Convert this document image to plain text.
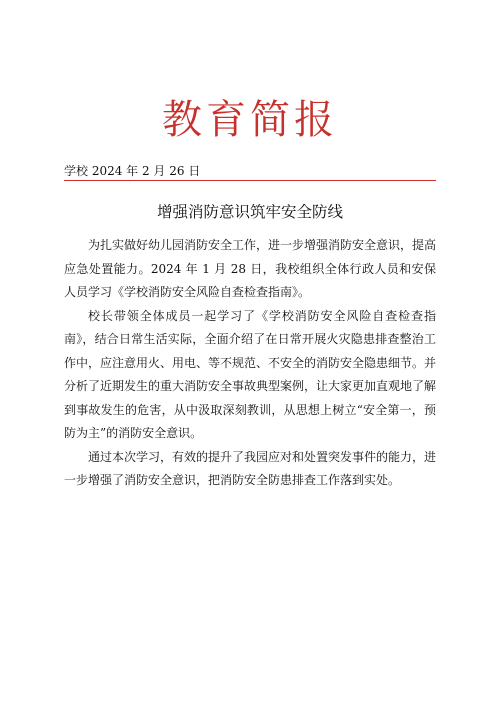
教育简报
学校 2024 年 2 月 26 日
增强消防意识筑牢安全防线

为扎实做好幼儿园消防安全工作，进一步增强消防安全意识，提高应急处置能力。2024 年 1 月 28 日，我校组织全体行政人员和安保人员学习《学校消防安全风险自查检查指南》。

校长带领全体成员一起学习了《学校消防安全风险自查检查指南》，结合日常生活实际，全面介绍了在日常开展火灾隐患排查整治工作中，应注意用火、用电、等不规范、不安全的消防安全隐患细节。并分析了近期发生的重大消防安全事故典型案例，让大家更加直观地了解到事故发生的危害，从中汲取深刻教训，从思想上树立“安全第一，预防为主”的消防安全意识。

通过本次学习，有效的提升了我园应对和处置突发事件的能力，进一步增强了消防安全意识，把消防安全防患排查工作落到实处。
